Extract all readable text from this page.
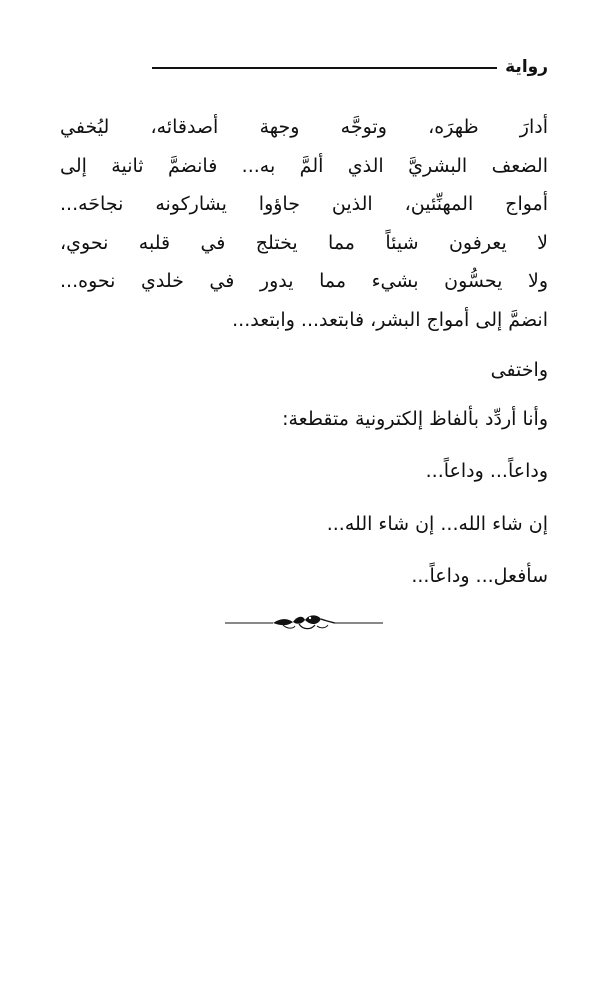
رواية

أدارَ ظهرَه، وتوجَّه وجهة أصدقائه، ليُخفي
الضعف البشريَّ الذي ألمَّ به... فانضمَّ ثانية إلى
أمواج المهنِّئين، الذين جاؤوا يشاركونه نجاحَه...
لا يعرفون شيئاً مما يختلج في قلبه نحوي،
ولا يحسُّون بشيء مما يدور في خلدي نحوه...
انضمَّ إلى أمواج البشر، فابتعد... وابتعد...

واختفى

وأنا أردِّد بألفاظ إلكترونية متقطعة:

وداعاً... وداعاً...

إن شاء الله... إن شاء الله...

سأفعل... وداعاً...
